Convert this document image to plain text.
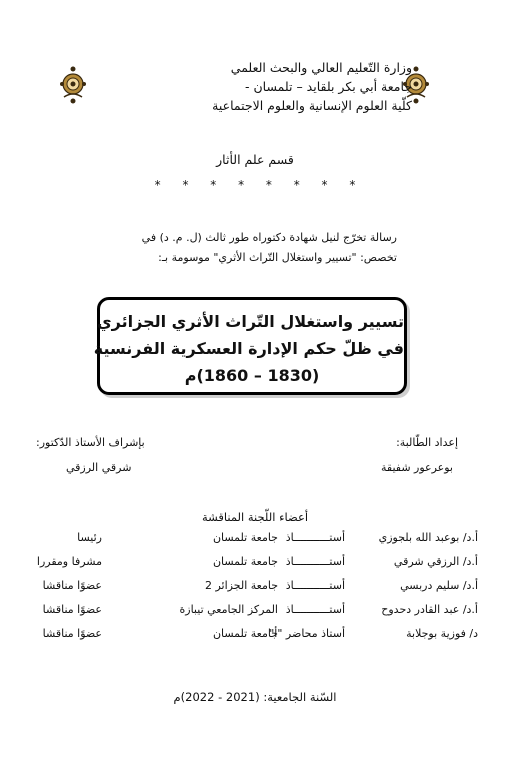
وزارة التّعليم العالي والبحث العلمي
جامعة أبي بكر بلقايد – تلمسان -
كلّية العلوم الإنسانية والعلوم الاجتماعية
قسم علم الأثار
* * * * * * * *
رسالة تخرّج لنيل شهادة دكتوراه طور ثالث (ل. م. د) في
تخصص: "تسيير واستغلال التّراث الأثري" موسومة بـ:
تسيير واستغلال التّراث الأثري الجزائري
في ظلّ حكم الإدارة العسكرية الفرنسية
(1830 – 1860)م
إعداد الطّالبة:
بوعرعور شفيقة
بإشراف الأستاذ الدّكتور:
شرقي الرزقي
أعضاء اللّجنة المناقشة
أ.د/ بوعبد الله بلجوزي
أستـــــــــــاذ
جامعة تلمسان
رئيسا
أ.د/ الرزقي شرقي
أستـــــــــــاذ
جامعة تلمسان
مشرفا ومقررا
أ.د/ سليم دربسي
أستـــــــــــاذ
جامعة الجزائر 2
عضوًا مناقشا
أ.د/ عبد القادر دحدوح
أستـــــــــــاذ
المركز الجامعي تيبازة
عضوًا مناقشا
د/ فوزية بوجلابة
أستاذ محاضر "أ"
جامعة تلمسان
عضوًا مناقشا
السّنة الجامعية: (2021 - 2022)م
